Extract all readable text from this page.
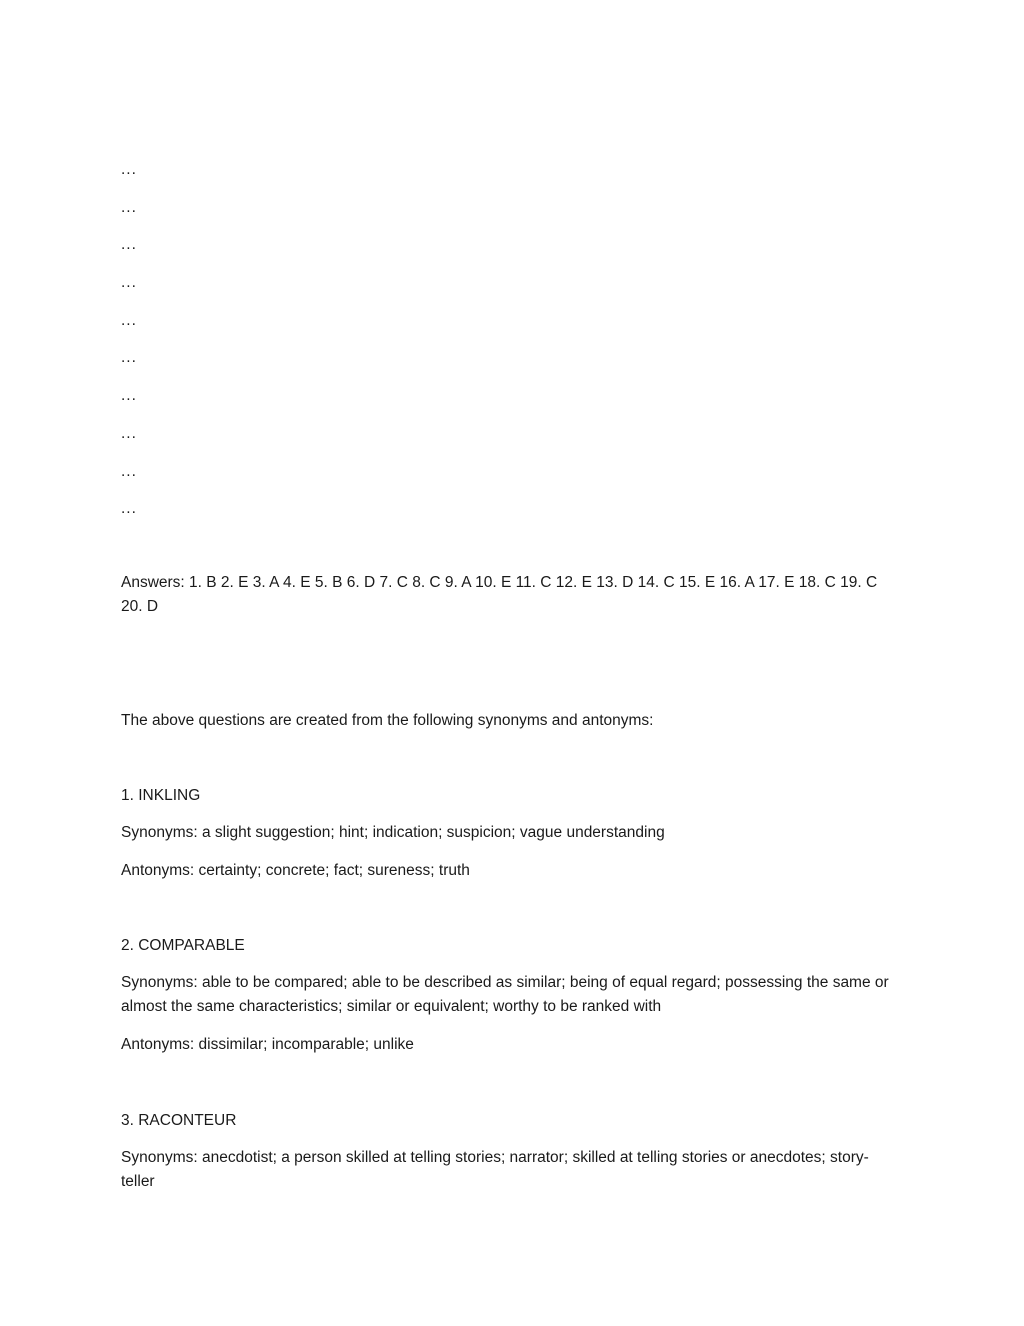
...
...
...
...
...
...
...
...
...
...

Answers: 1. B 2. E 3. A 4. E 5. B 6. D 7. C 8. C 9. A 10. E 11. C 12. E 13. D 14. C 15. E 16. A 17. E 18. C 19. C 20. D

The above questions are created from the following synonyms and antonyms:

1. INKLING

Synonyms: a slight suggestion; hint; indication; suspicion; vague understanding

Antonyms: certainty; concrete; fact; sureness; truth

2. COMPARABLE

Synonyms: able to be compared; able to be described as similar; being of equal regard; possessing the same or almost the same characteristics; similar or equivalent; worthy to be ranked with

Antonyms: dissimilar; incomparable; unlike

3. RACONTEUR

Synonyms: anecdotist; a person skilled at telling stories; narrator; skilled at telling stories or anecdotes; story-teller
